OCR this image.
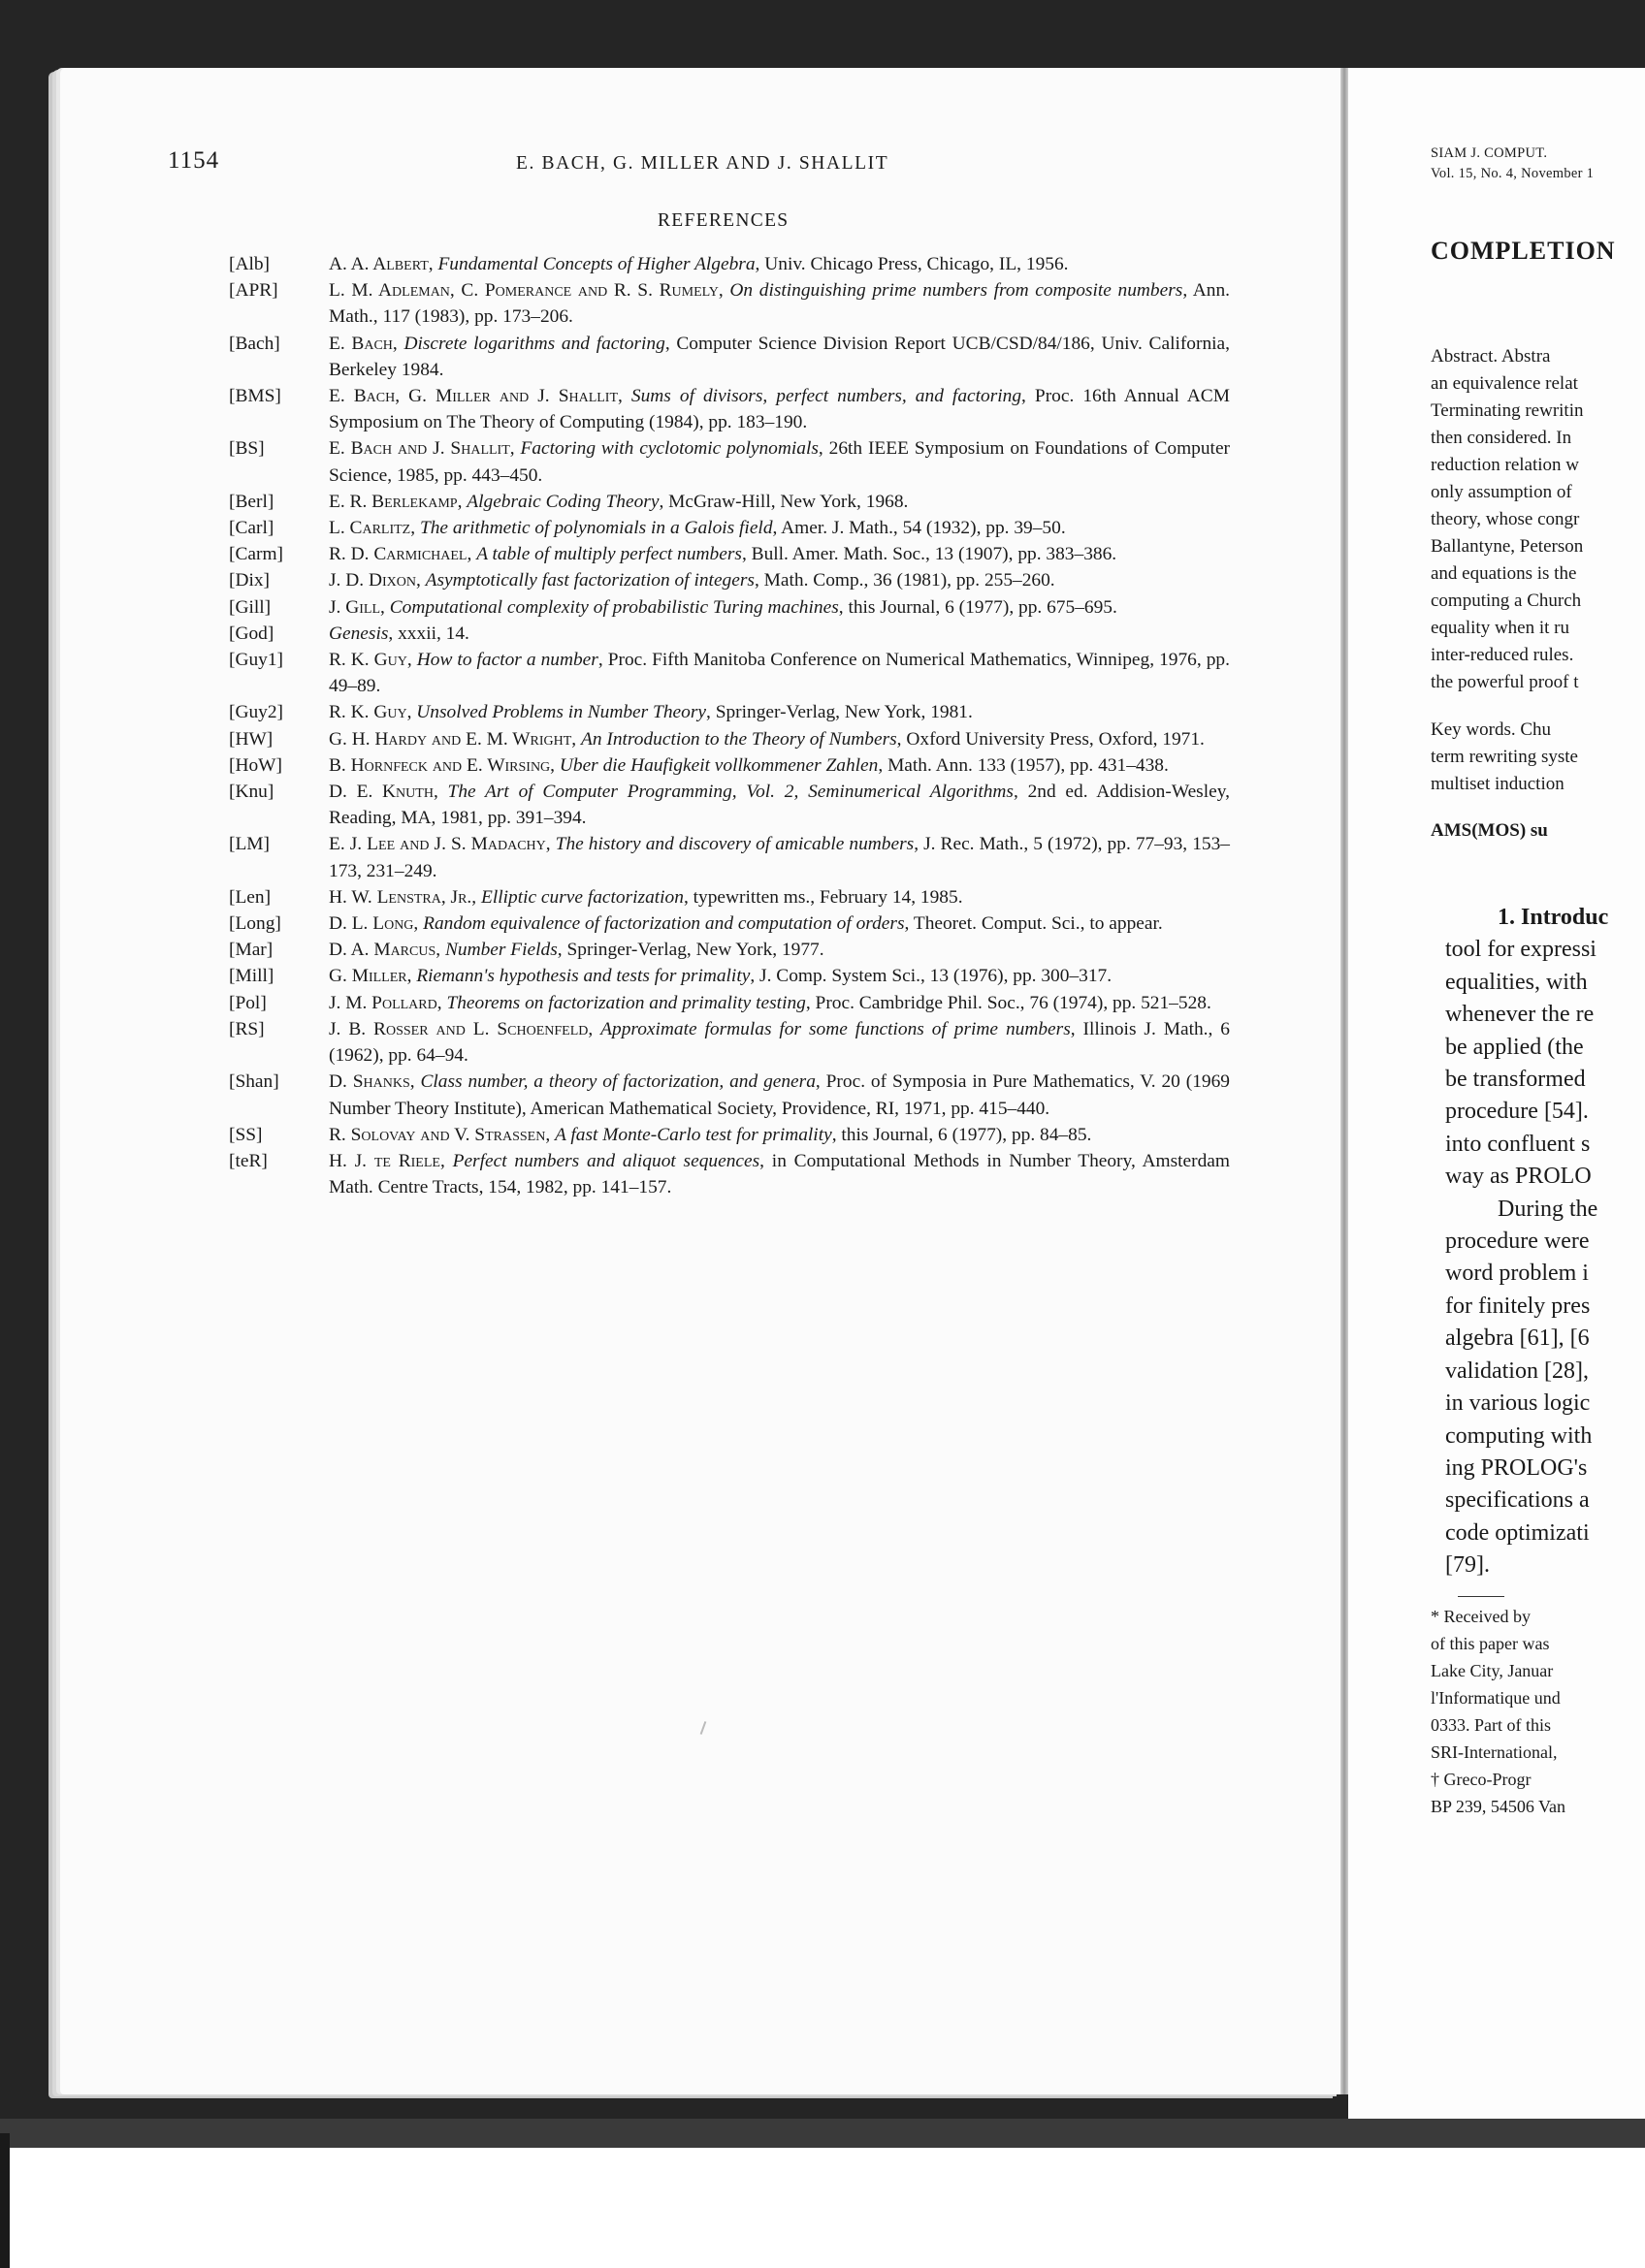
1154	E. BACH, G. MILLER AND J. SHALLIT
REFERENCES
[Alb]	A. A. Albert, Fundamental Concepts of Higher Algebra, Univ. Chicago Press, Chicago, IL, 1956.
[APR]	L. M. Adleman, C. Pomerance and R. S. Rumely, On distinguishing prime numbers from composite numbers, Ann. Math., 117 (1983), pp. 173–206.
[Bach]	E. Bach, Discrete logarithms and factoring, Computer Science Division Report UCB/CSD/84/186, Univ. California, Berkeley 1984.
[BMS]	E. Bach, G. Miller and J. Shallit, Sums of divisors, perfect numbers, and factoring, Proc. 16th Annual ACM Symposium on The Theory of Computing (1984), pp. 183–190.
[BS]	E. Bach and J. Shallit, Factoring with cyclotomic polynomials, 26th IEEE Symposium on Foundations of Computer Science, 1985, pp. 443–450.
[Berl]	E. R. Berlekamp, Algebraic Coding Theory, McGraw-Hill, New York, 1968.
[Carl]	L. Carlitz, The arithmetic of polynomials in a Galois field, Amer. J. Math., 54 (1932), pp. 39–50.
[Carm]	R. D. Carmichael, A table of multiply perfect numbers, Bull. Amer. Math. Soc., 13 (1907), pp. 383–386.
[Dix]	J. D. Dixon, Asymptotically fast factorization of integers, Math. Comp., 36 (1981), pp. 255–260.
[Gill]	J. Gill, Computational complexity of probabilistic Turing machines, this Journal, 6 (1977), pp. 675–695.
[God]	Genesis, xxxii, 14.
[Guy1]	R. K. Guy, How to factor a number, Proc. Fifth Manitoba Conference on Numerical Mathematics, Winnipeg, 1976, pp. 49–89.
[Guy2]	R. K. Guy, Unsolved Problems in Number Theory, Springer-Verlag, New York, 1981.
[HW]	G. H. Hardy and E. M. Wright, An Introduction to the Theory of Numbers, Oxford University Press, Oxford, 1971.
[HoW]	B. Hornfeck and E. Wirsing, Uber die Haufigkeit vollkommener Zahlen, Math. Ann. 133 (1957), pp. 431–438.
[Knu]	D. E. Knuth, The Art of Computer Programming, Vol. 2, Seminumerical Algorithms, 2nd ed. Addision-Wesley, Reading, MA, 1981, pp. 391–394.
[LM]	E. J. Lee and J. S. Madachy, The history and discovery of amicable numbers, J. Rec. Math., 5 (1972), pp. 77–93, 153–173, 231–249.
[Len]	H. W. Lenstra, Jr., Elliptic curve factorization, typewritten ms., February 14, 1985.
[Long]	D. L. Long, Random equivalence of factorization and computation of orders, Theoret. Comput. Sci., to appear.
[Mar]	D. A. Marcus, Number Fields, Springer-Verlag, New York, 1977.
[Mill]	G. Miller, Riemann's hypothesis and tests for primality, J. Comp. System Sci., 13 (1976), pp. 300–317.
[Pol]	J. M. Pollard, Theorems on factorization and primality testing, Proc. Cambridge Phil. Soc., 76 (1974), pp. 521–528.
[RS]	J. B. Rosser and L. Schoenfeld, Approximate formulas for some functions of prime numbers, Illinois J. Math., 6 (1962), pp. 64–94.
[Shan]	D. Shanks, Class number, a theory of factorization, and genera, Proc. of Symposia in Pure Mathematics, V. 20 (1969 Number Theory Institute), American Mathematical Society, Providence, RI, 1971, pp. 415–440.
[SS]	R. Solovay and V. Strassen, A fast Monte-Carlo test for primality, this Journal, 6 (1977), pp. 84–85.
[teR]	H. J. te Riele, Perfect numbers and aliquot sequences, in Computational Methods in Number Theory, Amsterdam Math. Centre Tracts, 154, 1982, pp. 141–157.
SIAM J. COMPUT.
Vol. 15, No. 4, November 1
COMPLETION
Abstract. Abstra
an equivalence relat
Terminating rewritin
then considered. In
reduction relation w
only assumption of
theory, whose congr
Ballantyne, Peterson
and equations is the
computing a Church
equality when it ru
inter-reduced rules.
the powerful proof t
Key words. Chu
term rewriting syste
multiset induction
AMS(MOS) su
1. Introduc
tool for expressi
equalities, with
whenever the re
be applied (the
be transformed
procedure [54].
into confluent s
way as PROLO
During the
procedure were
word problem i
for finitely pres
algebra [61], [6
validation [28],
in various logic
computing with
ing PROLOG's
specifications a
code optimizati
[79].
* Received by
of this paper was
Lake City, Januar
l'Informatique und
0333. Part of this
SRI-International,
† Greco-Progr
BP 239, 54506 Van
